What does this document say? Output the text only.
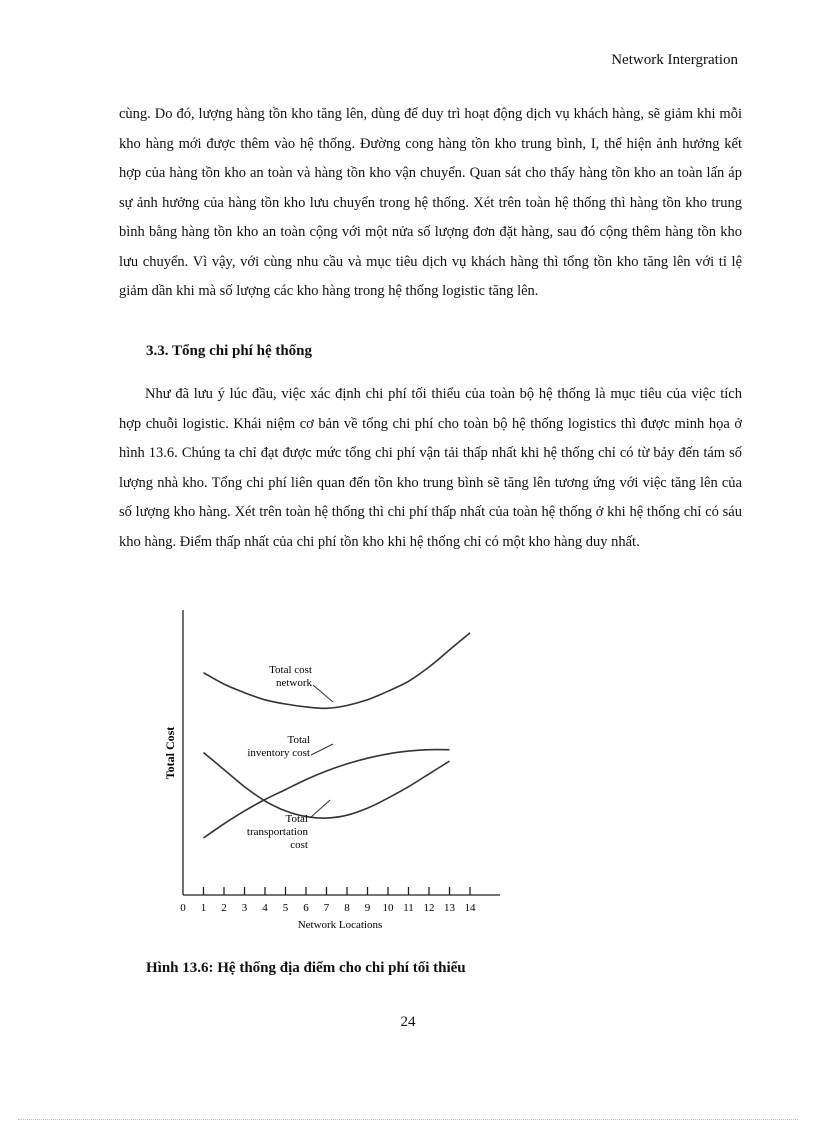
Network Intergration

cùng. Do đó, lượng hàng tồn kho tăng lên, dùng để duy trì hoạt động dịch vụ khách hàng, sẽ giảm khi mỗi kho hàng mới được thêm vào hệ thống. Đường cong hàng tồn kho trung bình, I, thể hiện ảnh hưởng kết hợp của hàng tồn kho an toàn và hàng tồn kho vận chuyển. Quan sát cho thấy hàng tồn kho an toàn lấn áp sự ảnh hưởng của hàng tồn kho lưu chuyển trong hệ thống. Xét trên toàn hệ thống thì hàng tồn kho trung bình bằng hàng tồn kho an toàn cộng với một nửa số lượng đơn đặt hàng, sau đó cộng thêm hàng tồn kho lưu chuyển. Vì vậy, với cùng nhu cầu và mục tiêu dịch vụ khách hàng thì tổng tồn kho tăng lên với tỉ lệ giảm dần khi mà số lượng các kho hàng trong hệ thống logistic tăng lên.

3.3. Tổng chi phí hệ thống

Như đã lưu ý lúc đầu, việc xác định chi phí tối thiểu của toàn bộ hệ thống là mục tiêu của việc tích hợp chuỗi logistic. Khái niệm cơ bản về tổng chi phí cho toàn bộ hệ thống logistics thì được minh họa ở hình 13.6. Chúng ta chỉ đạt được mức tổng chi phí vận tải thấp nhất khi hệ thống chỉ có từ bảy đến tám số lượng nhà kho. Tổng chi phí liên quan đến tồn kho trung bình sẽ tăng lên tương ứng với việc tăng lên của số lượng kho hàng. Xét trên toàn hệ thống thì chi phí thấp nhất của toàn hệ thống ở khi hệ thống chỉ có sáu kho hàng. Điểm thấp nhất của chi phí tồn kho khi hệ thống chỉ có một kho hàng duy nhất.

0 1 2 3 4 5 6 7 8 9 10 11 12 13 14
Total cost network
Total inventory cost
Total transportation cost
Network Locations
Total Cost

Hình 13.6: Hệ thống địa điểm cho chi phí tối thiểu

24
